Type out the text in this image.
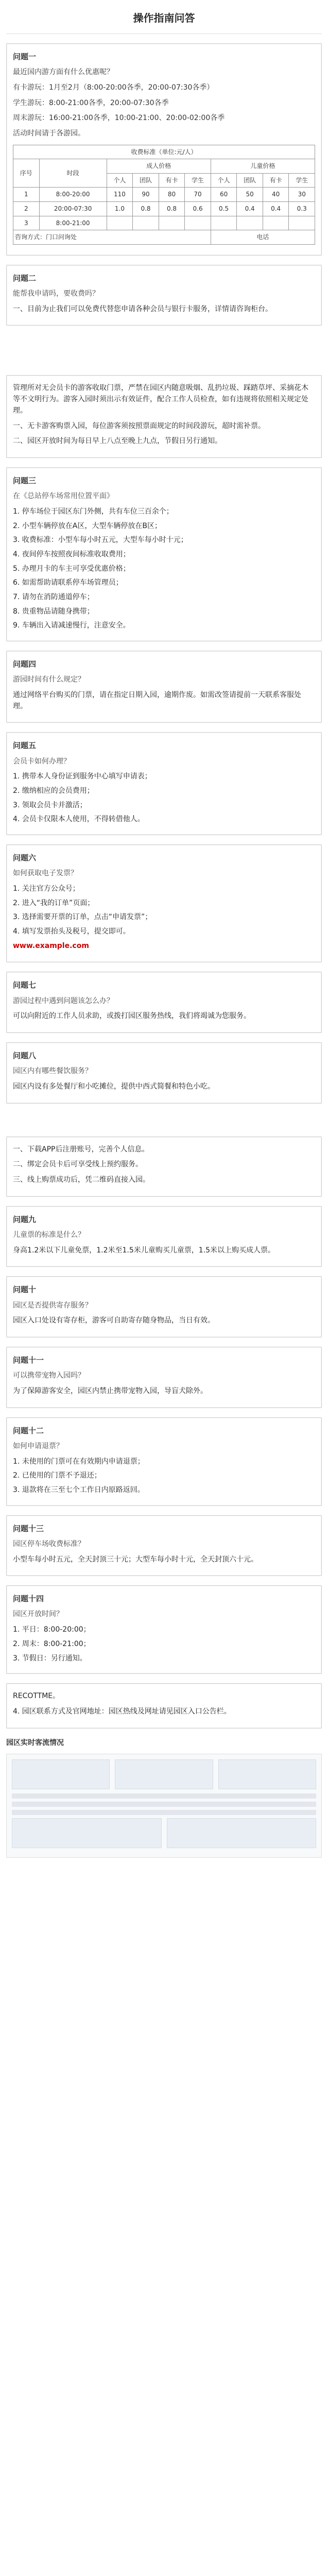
操作指南问答

问题一

最近国内游方面有什么优惠呢？

有卡游玩：1月至2月（8:00-20:00各季，20:00-07:30各季）

学生游玩：8:00-21:00各季，20:00-07:30各季

周末游玩：16:00-21:00各季，10:00-21:00、20:00-02:00各季

活动时间请于各游园。

收费标准（单位:元/人）									
序号	时段	成人价格				儿童价格			
		个人	团队	有卡	学生	个人	团队	有卡	学生
1	8:00-20:00	110	90	80	70	60	50	40	30
2	20:00-07:30	1.0	0.8	0.8	0.6	0.5	0.4	0.4	0.3
3	8:00-21:00								
咨询方式：门口问询处						电话			

问题二

能帮我申请吗，要收费吗？

一、目前为止我们可以免费代替您申请各种会员与银行卡服务，详情请咨询柜台。

管理所对无会员卡的游客收取门票，严禁在园区内随意吸烟、乱扔垃圾、踩踏草坪、采摘花木等不文明行为。游客入园时须出示有效证件，配合工作人员检查，如有违规将依照相关规定处理。

一、无卡游客购票入园，每位游客须按照票面规定的时间段游玩，超时需补票。

二、园区开放时间为每日早上八点至晚上九点，节假日另行通知。

问题三

在《总站停车场常用位置平面》

1. 停车场位于园区东门外侧，共有车位三百余个；
2. 小型车辆停放在A区，大型车辆停放在B区；
3. 收费标准：小型车每小时五元，大型车每小时十元；
4. 夜间停车按照夜间标准收取费用；
5. 办理月卡的车主可享受优惠价格；
6. 如需帮助请联系停车场管理员；
7. 请勿在消防通道停车；
8. 贵重物品请随身携带；
9. 车辆出入请减速慢行，注意安全。

问题四

游园时间有什么规定？

通过网络平台购买的门票，请在指定日期入园，逾期作废。如需改签请提前一天联系客服处理。

问题五

会员卡如何办理？

1. 携带本人身份证到服务中心填写申请表；
2. 缴纳相应的会员费用；
3. 领取会员卡并激活；
4. 会员卡仅限本人使用，不得转借他人。

问题六

如何获取电子发票？

1. 关注官方公众号；
2. 进入“我的订单”页面；
3. 选择需要开票的订单，点击“申请发票”；
4. 填写发票抬头及税号，提交即可。

www.example.com

问题七

游园过程中遇到问题该怎么办？

可以向附近的工作人员求助，或拨打园区服务热线，我们将竭诚为您服务。

问题八

园区内有哪些餐饮服务？

园区内设有多处餐厅和小吃摊位，提供中西式简餐和特色小吃。

一、下载APP后注册账号，完善个人信息。

二、绑定会员卡后可享受线上预约服务。

三、线上购票成功后，凭二维码直接入园。

问题九

儿童票的标准是什么？

身高1.2米以下儿童免票，1.2米至1.5米儿童购买儿童票，1.5米以上购买成人票。

问题十

园区是否提供寄存服务？

园区入口处设有寄存柜，游客可自助寄存随身物品，当日有效。

问题十一

可以携带宠物入园吗？

为了保障游客安全，园区内禁止携带宠物入园，导盲犬除外。

问题十二

如何申请退票？

1. 未使用的门票可在有效期内申请退票；
2. 已使用的门票不予退还；
3. 退款将在三至七个工作日内原路返回。

问题十三

园区停车场收费标准？

小型车每小时五元，全天封顶三十元；大型车每小时十元，全天封顶六十元。

问题十四

园区开放时间？

1. 平日：8:00-20:00；
2. 周末：8:00-21:00；
3. 节假日：另行通知。

RECOTTME。

4. 园区联系方式及官网地址：园区热线及网址请见园区入口公告栏。

园区实时客流情况
